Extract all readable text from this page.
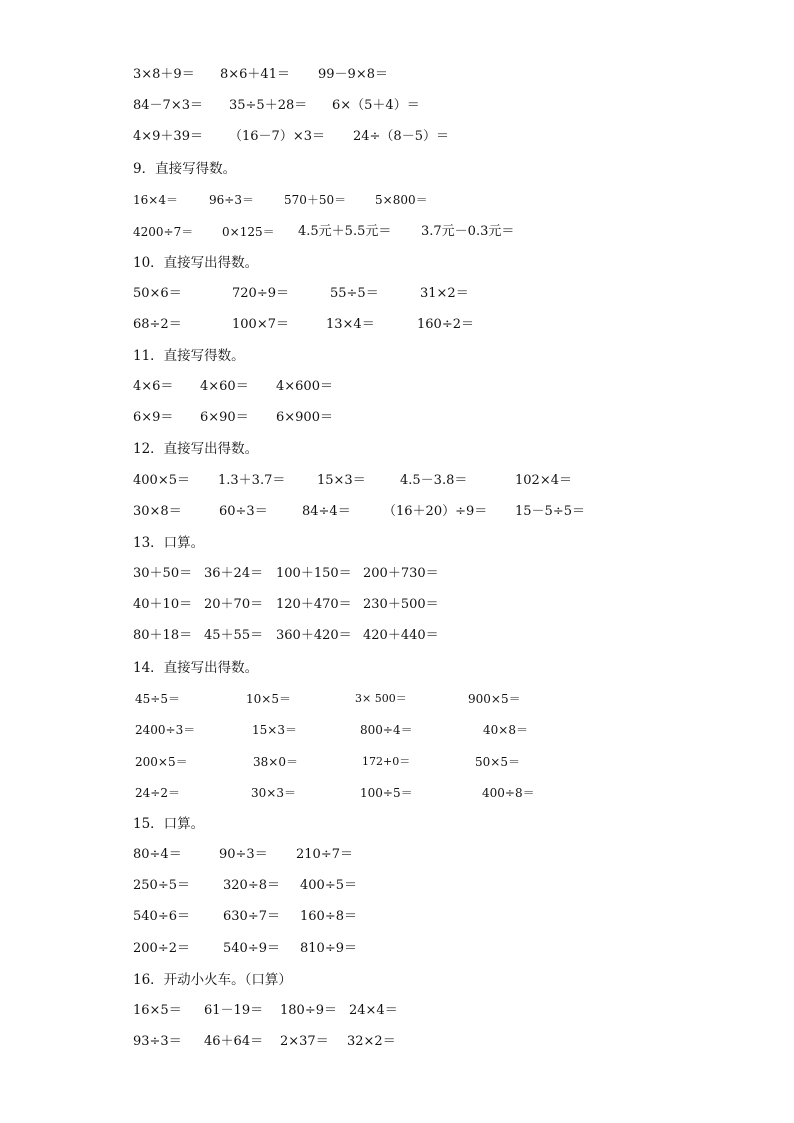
3×8＋9＝ 8×6＋41＝ 99－9×8＝
84－7×3＝ 35÷5＋28＝ 6×（5＋4）＝
4×9＋39＝ （16－7）×3＝ 24÷（8－5）＝
9．直接写得数。
16×4＝	96÷3＝	570＋50＝ 5×800＝
4200÷7＝ 0×125＝ 4.5元＋5.5元＝ 3.7元－0.3元＝
10．直接写出得数。
50×6＝	720÷9＝	55÷5＝	31×2＝
68÷2＝	100×7＝	13×4＝	160÷2＝
11．直接写得数。
4×6＝ 4×60＝ 4×600＝
6×9＝ 6×90＝ 6×900＝
12．直接写出得数。
400×5＝ 1.3＋3.7＝ 15×3＝	4.5－3.8＝	102×4＝
30×8＝	60÷3＝	84÷4＝ （16＋20）÷9＝ 15－5÷5＝
13．口算。
30＋50＝ 36＋24＝ 100＋150＝ 200＋730＝
40＋10＝ 20＋70＝ 120＋470＝ 230＋500＝
80＋18＝ 45＋55＝ 360＋420＝ 420＋440＝
14．直接写出得数。
45÷5＝	10×5＝	3× 500＝	900×5＝
2400÷3＝	15×3＝	800÷4＝	40×8＝
200×5＝	38×0＝	172+0＝	50×5＝
24÷2＝	30×3＝	100÷5＝	400÷8＝
15．口算。
80÷4＝	90÷3＝ 210÷7＝
250÷5＝	320÷8＝ 400÷5＝
540÷6＝	630÷7＝ 160÷8＝
200÷2＝	540÷9＝ 810÷9＝
16．开动小火车。（口算）
16×5＝ 61－19＝ 180÷9＝ 24×4＝
93÷3＝ 46＋64＝ 2×37＝ 32×2＝
